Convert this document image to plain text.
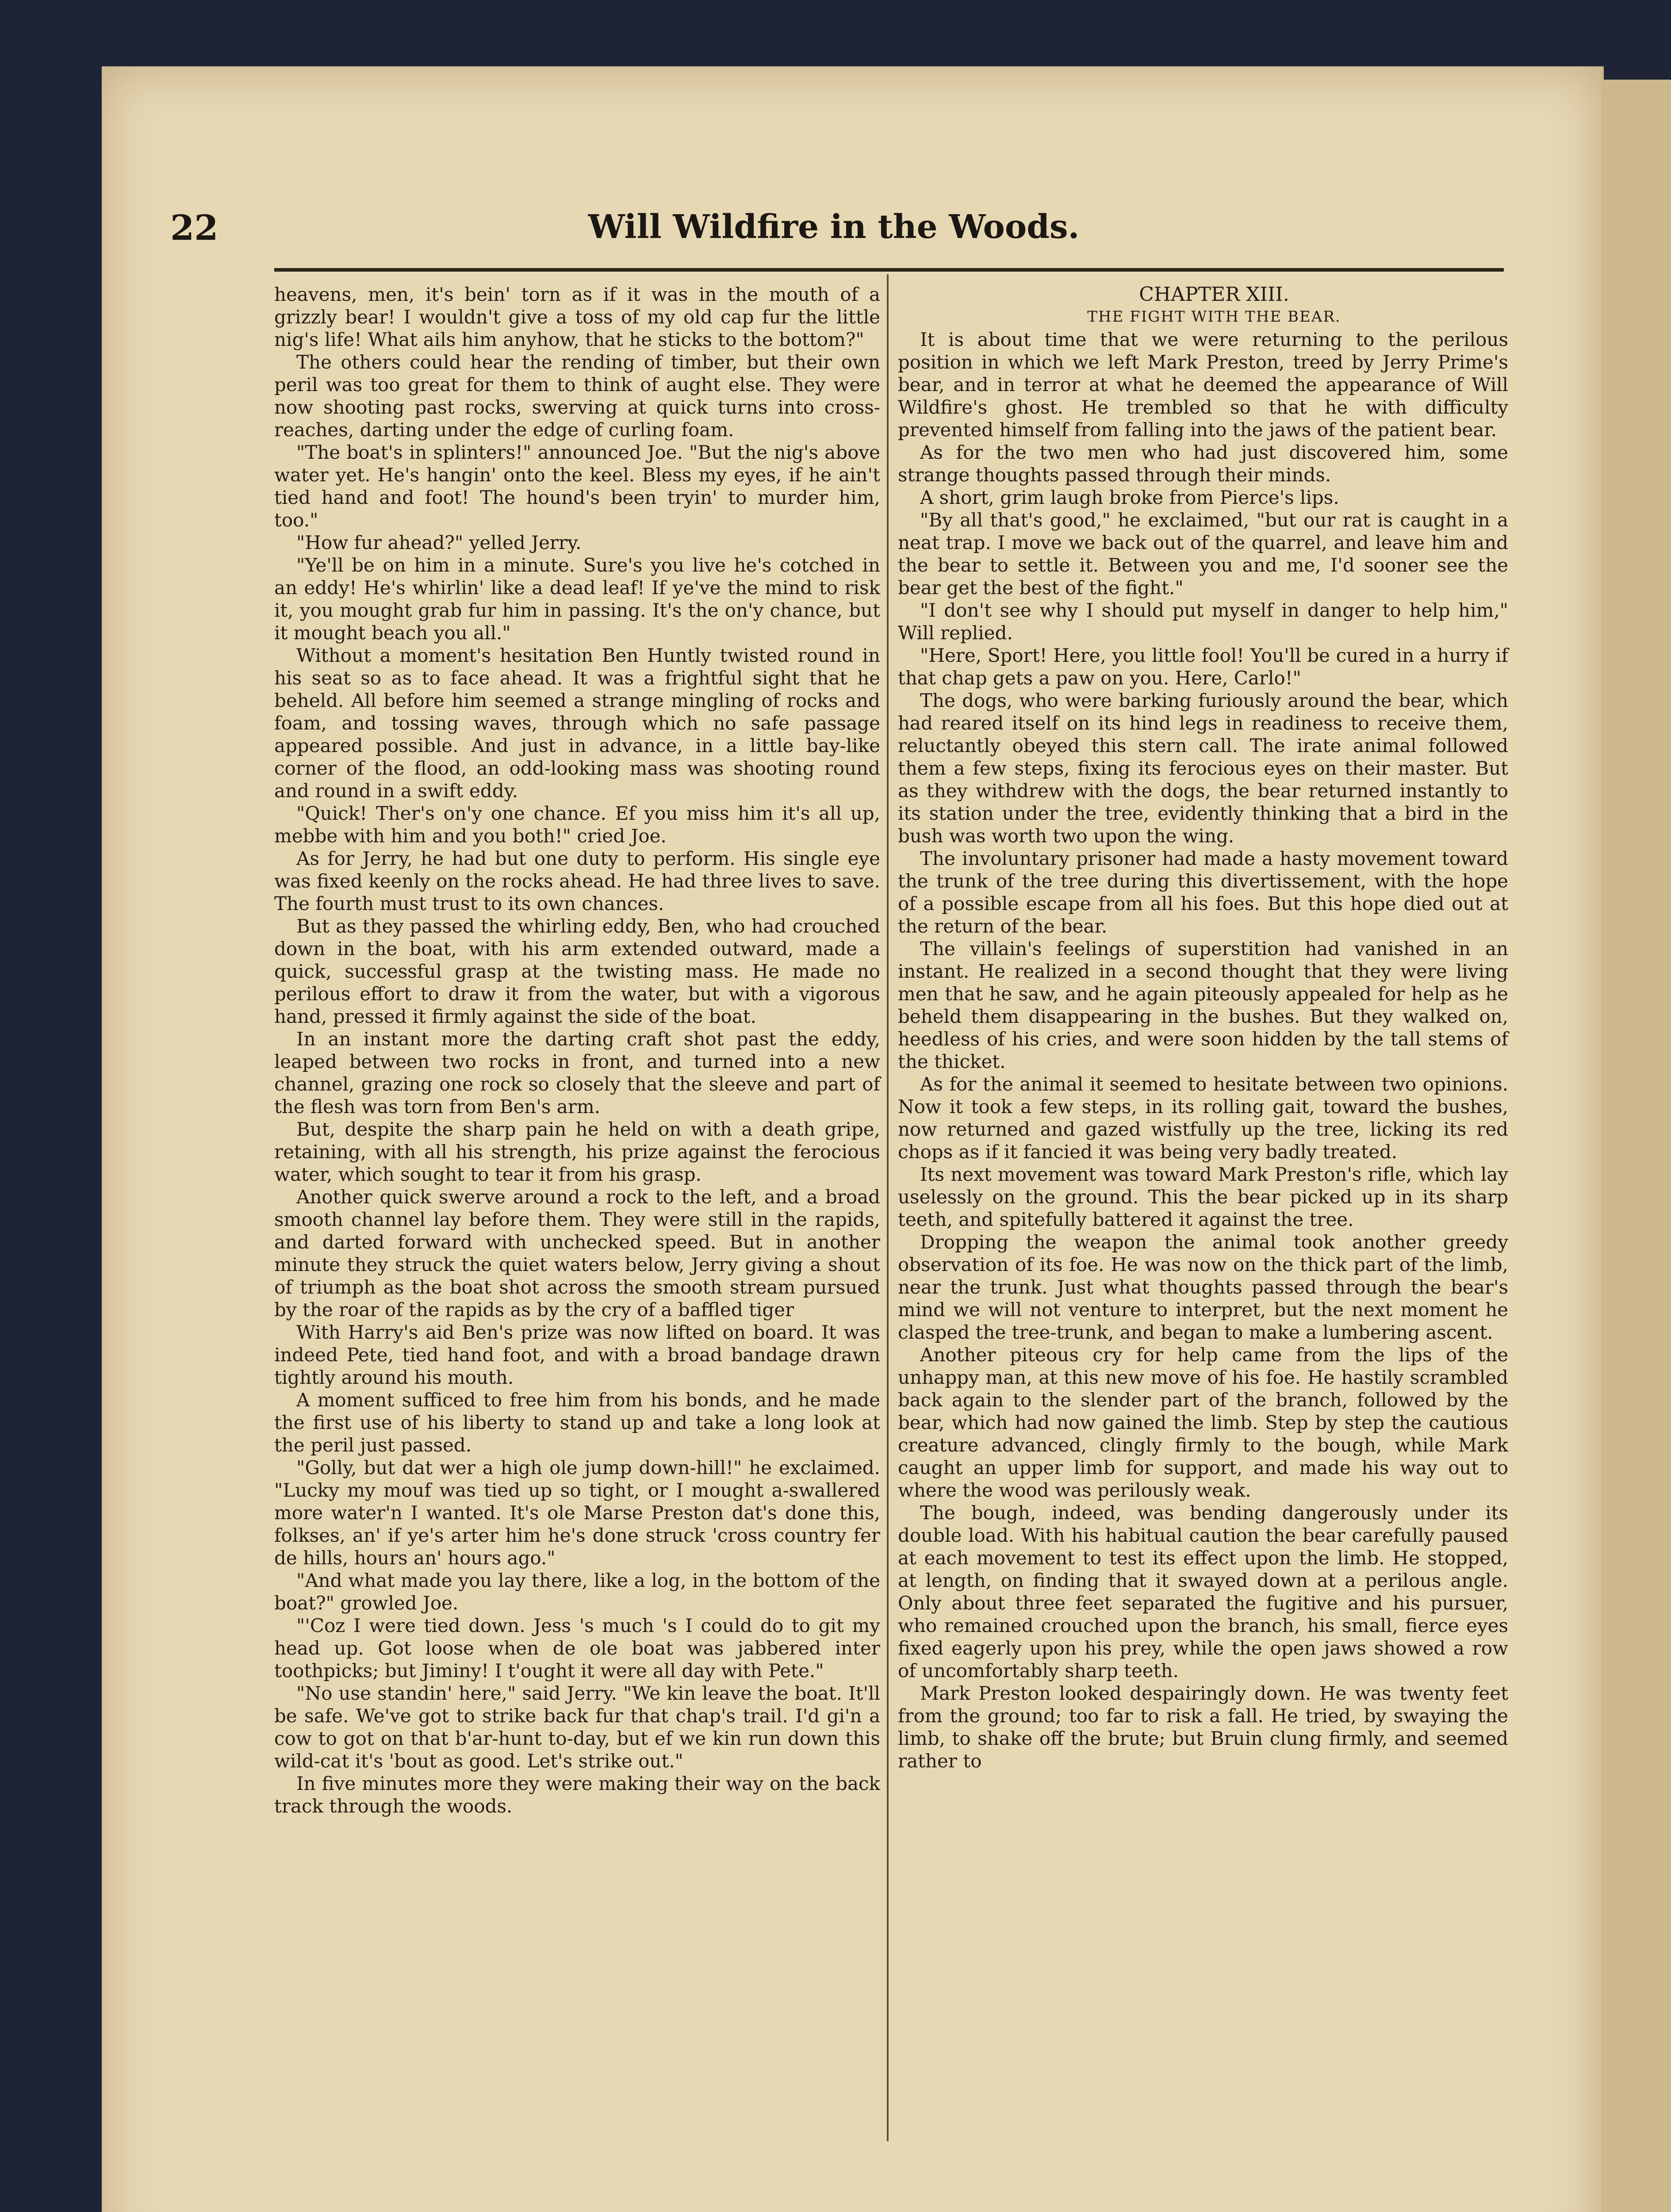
22	Will Wildfire in the Woods.

heavens, men, it's bein' torn as if it was in the mouth of a grizzly bear! I wouldn't give a toss of my old cap fur the little nig's life! What ails him anyhow, that he sticks to the bottom?"

The others could hear the rending of timber, but their own peril was too great for them to think of aught else. They were now shooting past rocks, swerving at quick turns into cross-reaches, darting under the edge of curling foam.

"The boat's in splinters!" announced Joe. "But the nig's above water yet. He's hangin' onto the keel. Bless my eyes, if he ain't tied hand and foot! The hound's been tryin' to murder him, too."

"How fur ahead?" yelled Jerry.

"Ye'll be on him in a minute. Sure's you live he's cotched in an eddy! He's whirlin' like a dead leaf! If ye've the mind to risk it, you mought grab fur him in passing. It's the on'y chance, but it mought beach you all."

Without a moment's hesitation Ben Huntly twisted round in his seat so as to face ahead. It was a frightful sight that he beheld. All before him seemed a strange mingling of rocks and foam, and tossing waves, through which no safe passage appeared possible. And just in advance, in a little bay-like corner of the flood, an odd-looking mass was shooting round and round in a swift eddy.

"Quick! Ther's on'y one chance. Ef you miss him it's all up, mebbe with him and you both!" cried Joe.

As for Jerry, he had but one duty to perform. His single eye was fixed keenly on the rocks ahead. He had three lives to save. The fourth must trust to its own chances.

But as they passed the whirling eddy, Ben, who had crouched down in the boat, with his arm extended outward, made a quick, successful grasp at the twisting mass. He made no perilous effort to draw it from the water, but with a vigorous hand, pressed it firmly against the side of the boat.

In an instant more the darting craft shot past the eddy, leaped between two rocks in front, and turned into a new channel, grazing one rock so closely that the sleeve and part of the flesh was torn from Ben's arm.

But, despite the sharp pain he held on with a death gripe, retaining, with all his strength, his prize against the ferocious water, which sought to tear it from his grasp.

Another quick swerve around a rock to the left, and a broad smooth channel lay before them. They were still in the rapids, and darted forward with unchecked speed. But in another minute they struck the quiet waters below, Jerry giving a shout of triumph as the boat shot across the smooth stream pursued by the roar of the rapids as by the cry of a baffled tiger

With Harry's aid Ben's prize was now lifted on board. It was indeed Pete, tied hand foot, and with a broad bandage drawn tightly around his mouth.

A moment sufficed to free him from his bonds, and he made the first use of his liberty to stand up and take a long look at the peril just passed.

"Golly, but dat wer a high ole jump down-hill!" he exclaimed. "Lucky my mouf was tied up so tight, or I mought a-swallered more water'n I wanted. It's ole Marse Preston dat's done this, folkses, an' if ye's arter him he's done struck 'cross country fer de hills, hours an' hours ago."

"And what made you lay there, like a log, in the bottom of the boat?" growled Joe.

"'Coz I were tied down. Jess 's much 's I could do to git my head up. Got loose when de ole boat was jabbered inter toothpicks; but Jiminy! I t'ought it were all day with Pete."

"No use standin' here," said Jerry. "We kin leave the boat. It'll be safe. We've got to strike back fur that chap's trail. I'd gi'n a cow to got on that b'ar-hunt to-day, but ef we kin run down this wild-cat it's 'bout as good. Let's strike out."

In five minutes more they were making their way on the back track through the woods.

CHAPTER XIII.

THE FIGHT WITH THE BEAR.

It is about time that we were returning to the perilous position in which we left Mark Preston, treed by Jerry Prime's bear, and in terror at what he deemed the appearance of Will Wildfire's ghost. He trembled so that he with difficulty prevented himself from falling into the jaws of the patient bear.

As for the two men who had just discovered him, some strange thoughts passed through their minds.

A short, grim laugh broke from Pierce's lips.

"By all that's good," he exclaimed, "but our rat is caught in a neat trap. I move we back out of the quarrel, and leave him and the bear to settle it. Between you and me, I'd sooner see the bear get the best of the fight."

"I don't see why I should put myself in danger to help him," Will replied.

"Here, Sport! Here, you little fool! You'll be cured in a hurry if that chap gets a paw on you. Here, Carlo!"

The dogs, who were barking furiously around the bear, which had reared itself on its hind legs in readiness to receive them, reluctantly obeyed this stern call. The irate animal followed them a few steps, fixing its ferocious eyes on their master. But as they withdrew with the dogs, the bear returned instantly to its station under the tree, evidently thinking that a bird in the bush was worth two upon the wing.

The involuntary prisoner had made a hasty movement toward the trunk of the tree during this divertissement, with the hope of a possible escape from all his foes. But this hope died out at the return of the bear.

The villain's feelings of superstition had vanished in an instant. He realized in a second thought that they were living men that he saw, and he again piteously appealed for help as he beheld them disappearing in the bushes. But they walked on, heedless of his cries, and were soon hidden by the tall stems of the thicket.

As for the animal it seemed to hesitate between two opinions. Now it took a few steps, in its rolling gait, toward the bushes, now returned and gazed wistfully up the tree, licking its red chops as if it fancied it was being very badly treated.

Its next movement was toward Mark Preston's rifle, which lay uselessly on the ground. This the bear picked up in its sharp teeth, and spitefully battered it against the tree.

Dropping the weapon the animal took another greedy observation of its foe. He was now on the thick part of the limb, near the trunk. Just what thoughts passed through the bear's mind we will not venture to interpret, but the next moment he clasped the tree-trunk, and began to make a lumbering ascent.

Another piteous cry for help came from the lips of the unhappy man, at this new move of his foe. He hastily scrambled back again to the slender part of the branch, followed by the bear, which had now gained the limb. Step by step the cautious creature advanced, clingly firmly to the bough, while Mark caught an upper limb for support, and made his way out to where the wood was perilously weak.

The bough, indeed, was bending dangerously under its double load. With his habitual caution the bear carefully paused at each movement to test its effect upon the limb. He stopped, at length, on finding that it swayed down at a perilous angle. Only about three feet separated the fugitive and his pursuer, who remained crouched upon the branch, his small, fierce eyes fixed eagerly upon his prey, while the open jaws showed a row of uncomfortably sharp teeth.

Mark Preston looked despairingly down. He was twenty feet from the ground; too far to risk a fall. He tried, by swaying the limb, to shake off the brute; but Bruin clung firmly, and seemed rather to
